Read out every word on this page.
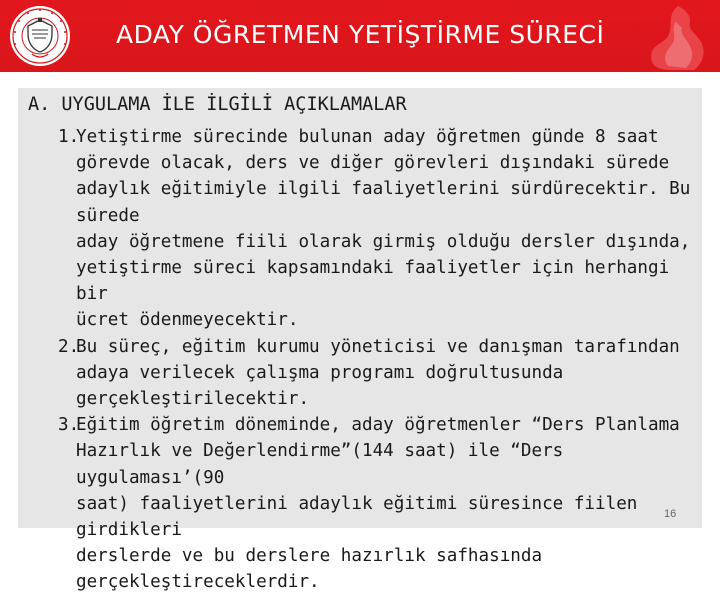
ADAY ÖĞRETMEN YETİŞTİRME SÜRECİ
A. UYGULAMA İLE İLGİLİ AÇIKLAMALAR
1.
Yetiştirme sürecinde bulunan aday öğretmen günde 8 saat
görevde olacak, ders ve diğer görevleri dışındaki sürede
adaylık eğitimiyle ilgili faaliyetlerini sürdürecektir. Bu sürede
aday öğretmene fiili olarak girmiş olduğu dersler dışında,
yetiştirme süreci kapsamındaki faaliyetler için herhangi bir
ücret ödenmeyecektir.
2.
Bu süreç, eğitim kurumu yöneticisi ve danışman tarafından
adaya verilecek çalışma programı doğrultusunda
gerçekleştirilecektir.
3.
Eğitim öğretim döneminde, aday öğretmenler “Ders Planlama
Hazırlık ve Değerlendirme”(144 saat) ile “Ders uygulaması’(90
saat) faaliyetlerini adaylık eğitimi süresince fiilen girdikleri
derslerde ve bu derslere hazırlık safhasında
gerçekleştireceklerdir.
16
